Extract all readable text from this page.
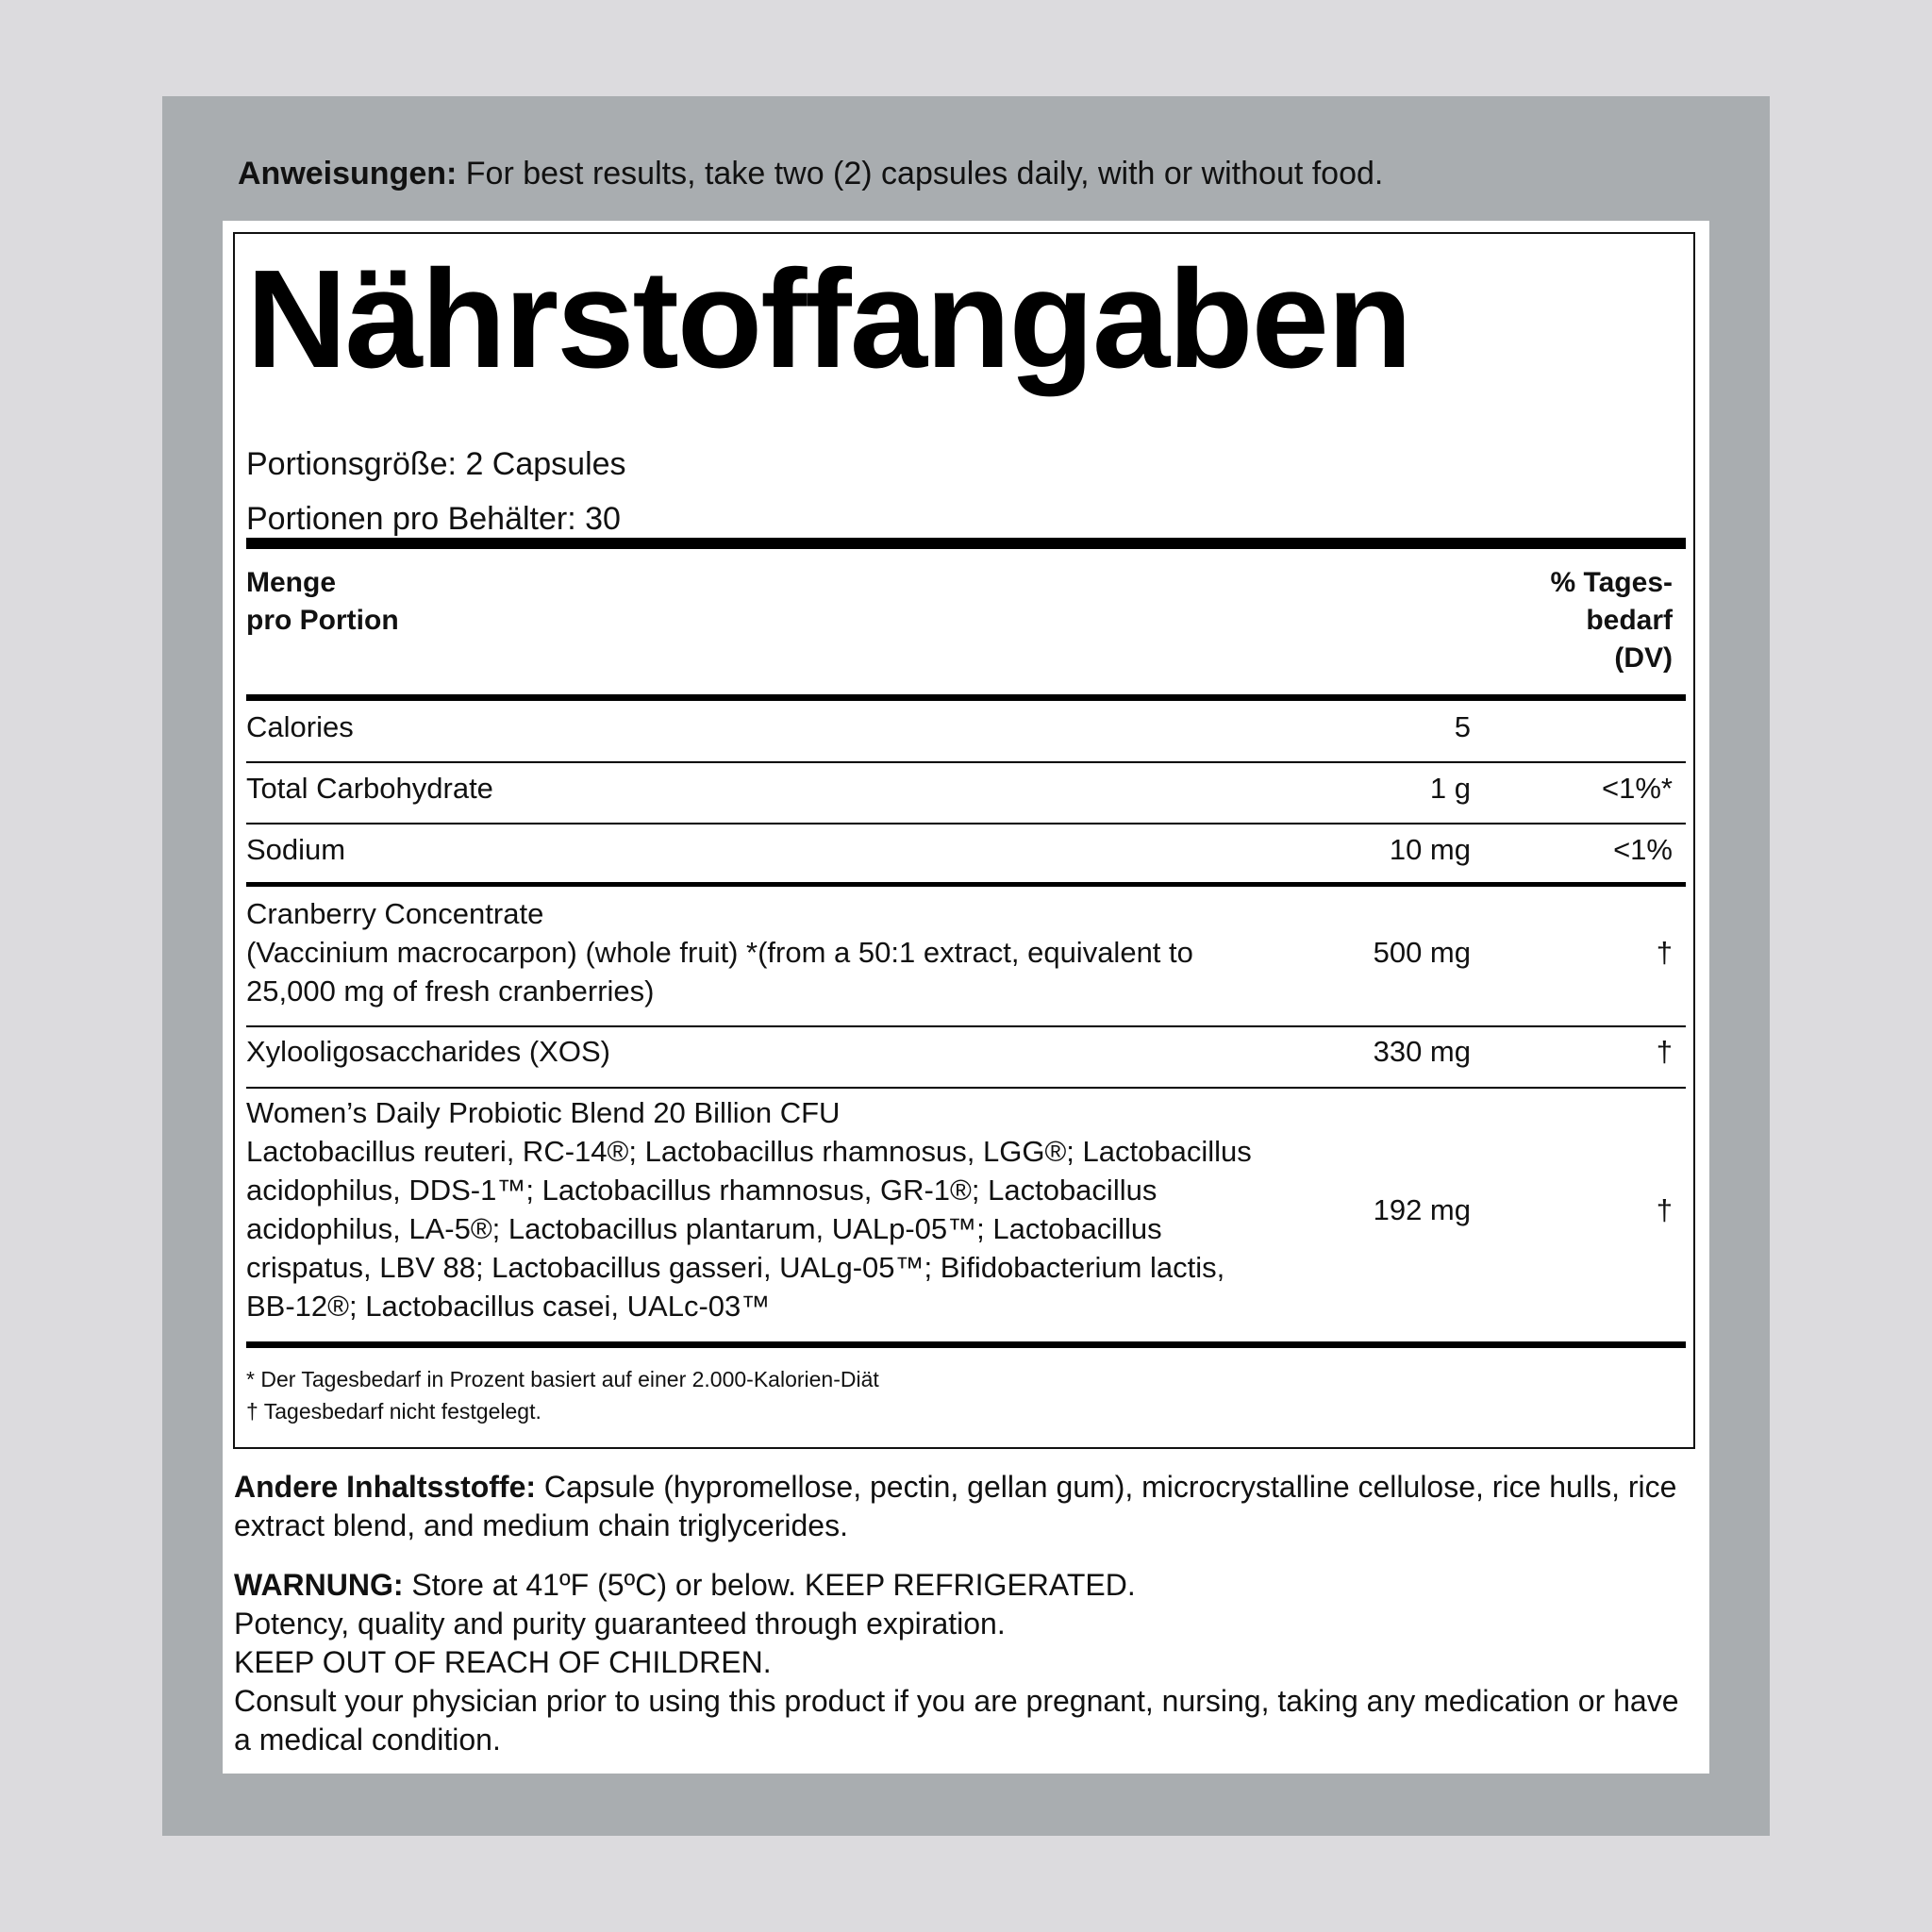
Anweisungen: For best results, take two (2) capsules daily, with or without food.
Nährstoffangaben
Portionsgröße: 2 Capsules
Portionen pro Behälter: 30
Menge
pro Portion
% Tages-
bedarf
(DV)
Calories	5
Total Carbohydrate	1 g	<1%*
Sodium	10 mg	<1%
Cranberry Concentrate
(Vaccinium macrocarpon) (whole fruit) *(from a 50:1 extract, equivalent to
25,000 mg of fresh cranberries)
500 mg	†
Xylooligosaccharides (XOS)	330 mg	†
Women’s Daily Probiotic Blend 20 Billion CFU
Lactobacillus reuteri, RC-14®; Lactobacillus rhamnosus, LGG®; Lactobacillus
acidophilus, DDS-1™; Lactobacillus rhamnosus, GR-1®; Lactobacillus
acidophilus, LA-5®; Lactobacillus plantarum, UALp-05™; Lactobacillus
crispatus, LBV 88; Lactobacillus gasseri, UALg-05™; Bifidobacterium lactis,
BB-12®; Lactobacillus casei, UALc-03™
192 mg	†
* Der Tagesbedarf in Prozent basiert auf einer 2.000-Kalorien-Diät
† Tagesbedarf nicht festgelegt.
Andere Inhaltsstoffe: Capsule (hypromellose, pectin, gellan gum), microcrystalline cellulose, rice hulls, rice extract blend, and medium chain triglycerides.
WARNUNG: Store at 41ºF (5ºC) or below. KEEP REFRIGERATED.
Potency, quality and purity guaranteed through expiration.
KEEP OUT OF REACH OF CHILDREN.
Consult your physician prior to using this product if you are pregnant, nursing, taking any medication or have a medical condition.
